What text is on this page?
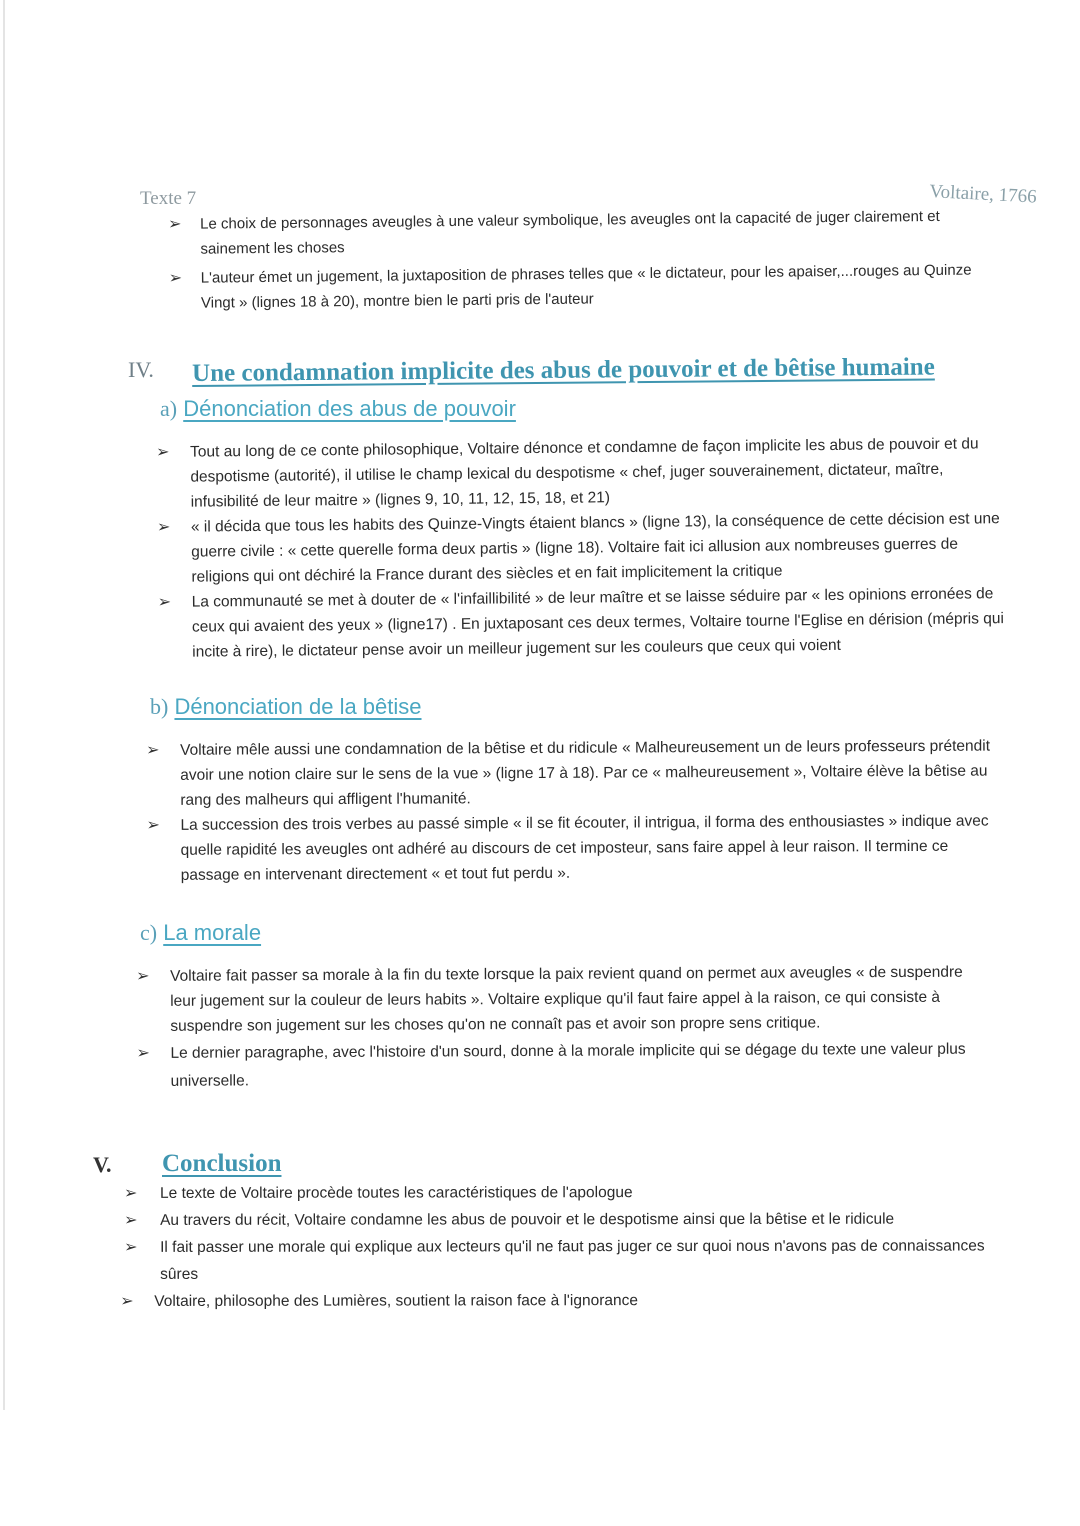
Texte 7	Voltaire, 1766
➢ Le choix de personnages aveugles à une valeur symbolique, les aveugles ont la capacité de juger clairement et
sainement les choses
➢ L'auteur émet un jugement, la juxtaposition de phrases telles que « le dictateur, pour les apaiser,...rouges au Quinze
Vingt » (lignes 18 à 20), montre bien le parti pris de l'auteur
IV. Une condamnation implicite des abus de pouvoir et de bêtise humaine
a) Dénonciation des abus de pouvoir
➢ Tout au long de ce conte philosophique, Voltaire dénonce et condamne de façon implicite les abus de pouvoir et du
despotisme (autorité), il utilise le champ lexical du despotisme « chef, juger souverainement, dictateur, maître,
infusibilité de leur maitre » (lignes 9, 10, 11, 12, 15, 18, et 21)
➢ « il décida que tous les habits des Quinze-Vingts étaient blancs » (ligne 13), la conséquence de cette décision est une
guerre civile : « cette querelle forma deux partis » (ligne 18). Voltaire fait ici allusion aux nombreuses guerres de
religions qui ont déchiré la France durant des siècles et en fait implicitement la critique
➢ La communauté se met à douter de « l'infaillibilité » de leur maître et se laisse séduire par « les opinions erronées de
ceux qui avaient des yeux » (ligne17) . En juxtaposant ces deux termes, Voltaire tourne l'Eglise en dérision (mépris qui
incite à rire), le dictateur pense avoir un meilleur jugement sur les couleurs que ceux qui voient
b) Dénonciation de la bêtise
➢ Voltaire mêle aussi une condamnation de la bêtise et du ridicule « Malheureusement un de leurs professeurs prétendit
avoir une notion claire sur le sens de la vue » (ligne 17 à 18). Par ce « malheureusement », Voltaire élève la bêtise au
rang des malheurs qui affligent l'humanité.
➢ La succession des trois verbes au passé simple « il se fit écouter, il intrigua, il forma des enthousiastes » indique avec
quelle rapidité les aveugles ont adhéré au discours de cet imposteur, sans faire appel à leur raison. Il termine ce
passage en intervenant directement « et tout fut perdu ».
c) La morale
➢ Voltaire fait passer sa morale à la fin du texte lorsque la paix revient quand on permet aux aveugles « de suspendre
leur jugement sur la couleur de leurs habits ». Voltaire explique qu'il faut faire appel à la raison, ce qui consiste à
suspendre son jugement sur les choses qu'on ne connaît pas et avoir son propre sens critique.
➢ Le dernier paragraphe, avec l'histoire d'un sourd, donne à la morale implicite qui se dégage du texte une valeur plus
universelle.
V. Conclusion
➢ Le texte de Voltaire procède toutes les caractéristiques de l'apologue
➢ Au travers du récit, Voltaire condamne les abus de pouvoir et le despotisme ainsi que la bêtise et le ridicule
➢ Il fait passer une morale qui explique aux lecteurs qu'il ne faut pas juger ce sur quoi nous n'avons pas de connaissances
sûres
➢ Voltaire, philosophe des Lumières, soutient la raison face à l'ignorance
